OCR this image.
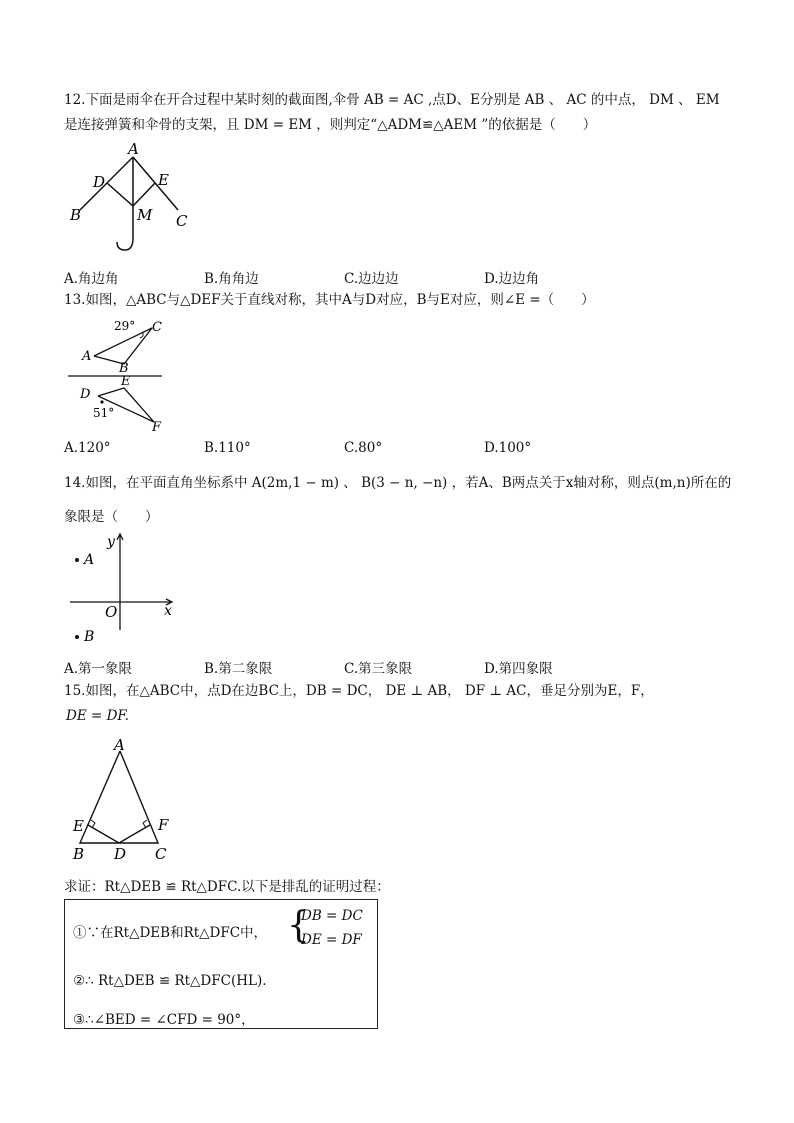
12.下面是雨伞在开合过程中某时刻的截面图,伞骨 AB = AC ,点D、E分别是 AB 、 AC 的中点， DM 、 EM
是连接弹簧和伞骨的支架，且 DM = EM ，则判定“△ADM≌△AEM ”的依据是（　　）
A
D	E
B	M C
A.角边角	B.角角边	C.边边边	D.边边角
13.如图，△ABC与△DEF关于直线对称，其中A与D对应，B与E对应，则∠E =（　　）
29° C
A
B
E
D
51°
F
A.120°	B.110°	C.80°	D.100°
14.如图，在平面直角坐标系中 A(2m,1 − m) 、 B(3 − n, −n) ，若A、B两点关于x轴对称，则点(m,n)所在的
象限是（　　）
y
A
O	x
B
A.第一象限	B.第二象限	C.第三象限	D.第四象限
15.如图，在△ABC中，点D在边BC上，DB = DC， DE ⊥ AB， DF ⊥ AC，垂足分别为E，F，
DE = DF.
A
E	F
B D C
求证：Rt△DEB ≌ Rt△DFC.以下是排乱的证明过程：
①∵在Rt△DEB和Rt△DFC中， {
DB = DC
DE = DF
②∴ Rt△DEB ≌ Rt△DFC(HL).
③∴∠BED = ∠CFD = 90°，
